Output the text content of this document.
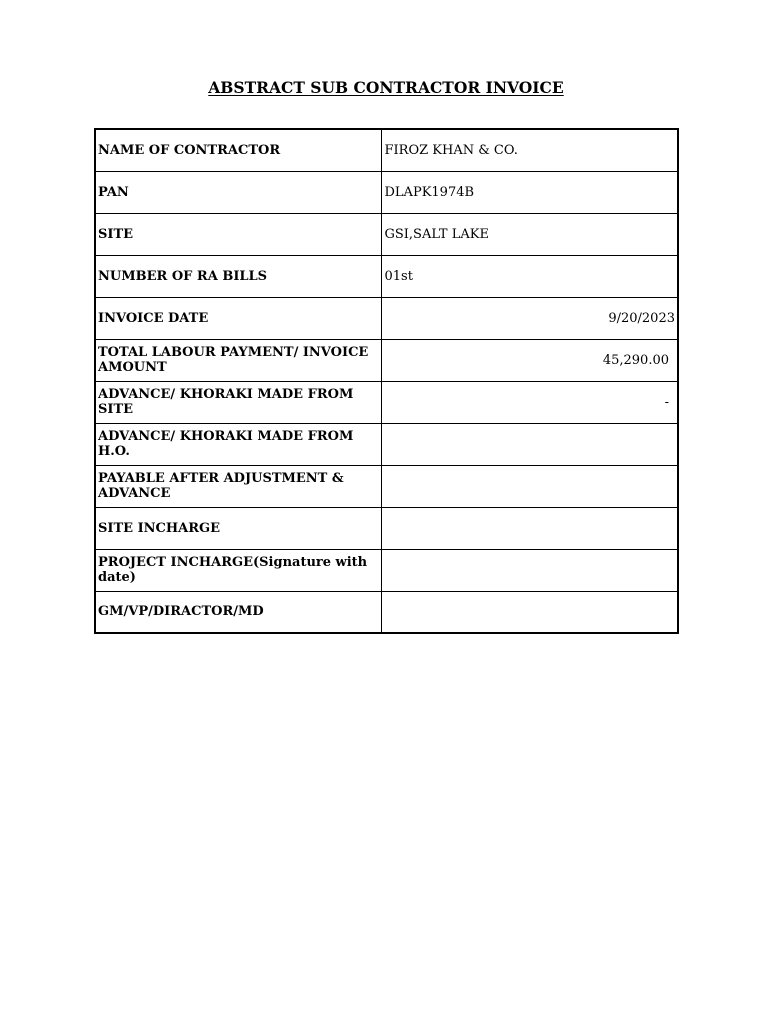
ABSTRACT SUB CONTRACTOR INVOICE
NAME OF CONTRACTOR	FIROZ KHAN & CO.
PAN	DLAPK1974B
SITE	GSI,SALT LAKE
NUMBER OF RA BILLS	01st
INVOICE DATE	9/20/2023
TOTAL LABOUR PAYMENT/ INVOICE AMOUNT	45,290.00
ADVANCE/ KHORAKI MADE FROM SITE	-
ADVANCE/ KHORAKI MADE FROM H.O.	
PAYABLE AFTER ADJUSTMENT & ADVANCE	
SITE INCHARGE	
PROJECT INCHARGE(Signature with date)	
GM/VP/DIRACTOR/MD	
